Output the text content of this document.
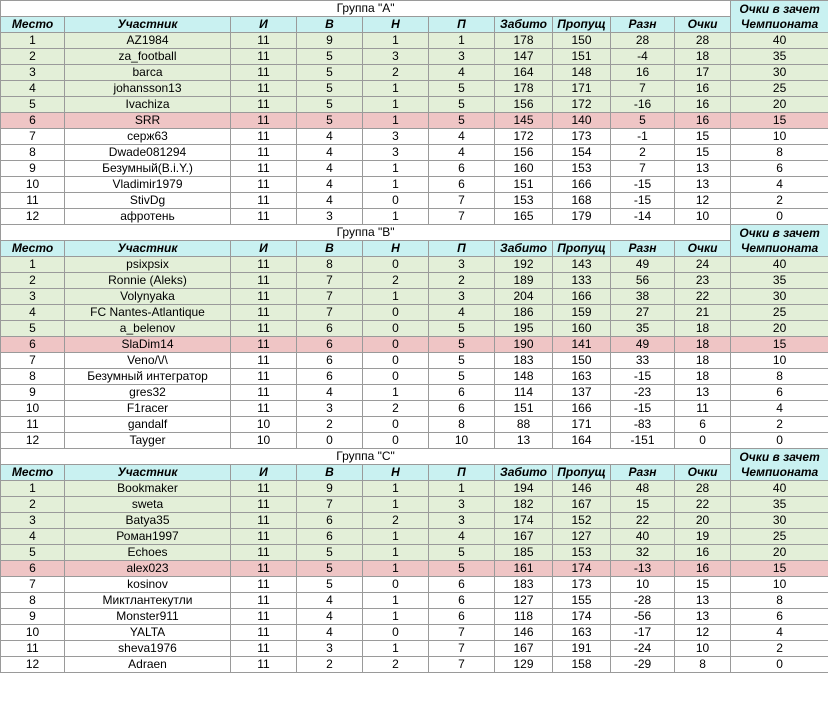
Группа "A"										Очки в зачет
Чемпионата

Место	Участник	И	В	Н	П	Забито	Пропущ	Разн	Очки	
1	AZ1984	11	9	1	1	178	150	28	28	40
2	za_football	11	5	3	3	147	151	-4	18	35
3	barca	11	5	2	4	164	148	16	17	30
4	johansson13	11	5	1	5	178	171	7	16	25
5	Ivachiza	11	5	1	5	156	172	-16	16	20
6	SRR	11	5	1	5	145	140	5	16	15
7	серж63	11	4	3	4	172	173	-1	15	10
8	Dwade081294	11	4	3	4	156	154	2	15	8
9	Безумный(B.i.Y.)	11	4	1	6	160	153	7	13	6
10	Vladimir1979	11	4	1	6	151	166	-15	13	4
11	StivDg	11	4	0	7	153	168	-15	12	2
12	афротень	11	3	1	7	165	179	-14	10	0
Группа "B"										Очки в зачет
Чемпионата

Место	Участник	И	В	Н	П	Забито	Пропущ	Разн	Очки	
1	psixpsix	11	8	0	3	192	143	49	24	40
2	Ronnie (Aleks)	11	7	2	2	189	133	56	23	35
3	Volynyaka	11	7	1	3	204	166	38	22	30
4	FC Nantes-Atlantique	11	7	0	4	186	159	27	21	25
5	a_belenov	11	6	0	5	195	160	35	18	20
6	SlaDim14	11	6	0	5	190	141	49	18	15
7	Veno/\/\	11	6	0	5	183	150	33	18	10
8	Безумный интегратор	11	6	0	5	148	163	-15	18	8
9	gres32	11	4	1	6	114	137	-23	13	6
10	F1racer	11	3	2	6	151	166	-15	11	4
11	gandalf	10	2	0	8	88	171	-83	6	2
12	Tayger	10	0	0	10	13	164	-151	0	0
Группа "C"										Очки в зачет
Чемпионата

Место	Участник	И	В	Н	П	Забито	Пропущ	Разн	Очки	
1	Bookmaker	11	9	1	1	194	146	48	28	40
2	sweta	11	7	1	3	182	167	15	22	35
3	Batya35	11	6	2	3	174	152	22	20	30
4	Роман1997	11	6	1	4	167	127	40	19	25
5	Echoes	11	5	1	5	185	153	32	16	20
6	alex023	11	5	1	5	161	174	-13	16	15
7	kosinov	11	5	0	6	183	173	10	15	10
8	Миктлантекутли	11	4	1	6	127	155	-28	13	8
9	Monster911	11	4	1	6	118	174	-56	13	6
10	YALTA	11	4	0	7	146	163	-17	12	4
11	sheva1976	11	3	1	7	167	191	-24	10	2
12	Adraen	11	2	2	7	129	158	-29	8	0
